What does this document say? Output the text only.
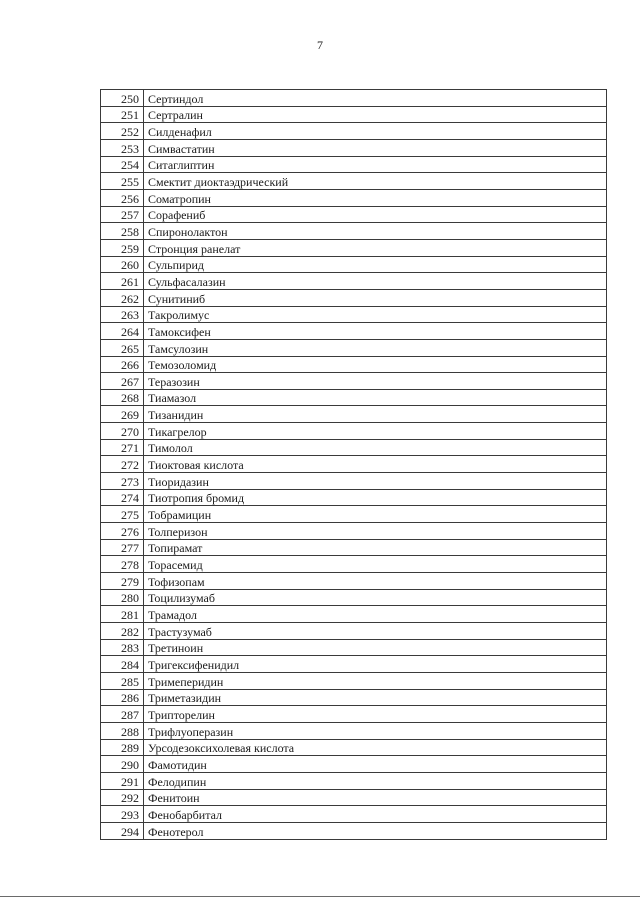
7
250	Сертиндол
251	Сертралин
252	Силденафил
253	Симвастатин
254	Ситаглиптин
255	Смектит диоктаэдрический
256	Соматропин
257	Сорафениб
258	Спиронолактон
259	Стронция ранелат
260	Сульпирид
261	Сульфасалазин
262	Сунитиниб
263	Такролимус
264	Тамоксифен
265	Тамсулозин
266	Темозоломид
267	Теразозин
268	Тиамазол
269	Тизанидин
270	Тикагрелор
271	Тимолол
272	Тиоктовая кислота
273	Тиоридазин
274	Тиотропия бромид
275	Тобрамицин
276	Толперизон
277	Топирамат
278	Торасемид
279	Тофизопам
280	Тоцилизумаб
281	Трамадол
282	Трастузумаб
283	Третиноин
284	Тригексифенидил
285	Тримеперидин
286	Триметазидин
287	Трипторелин
288	Трифлуоперазин
289	Урсодезоксихолевая кислота
290	Фамотидин
291	Фелодипин
292	Фенитоин
293	Фенобарбитал
294	Фенотерол
